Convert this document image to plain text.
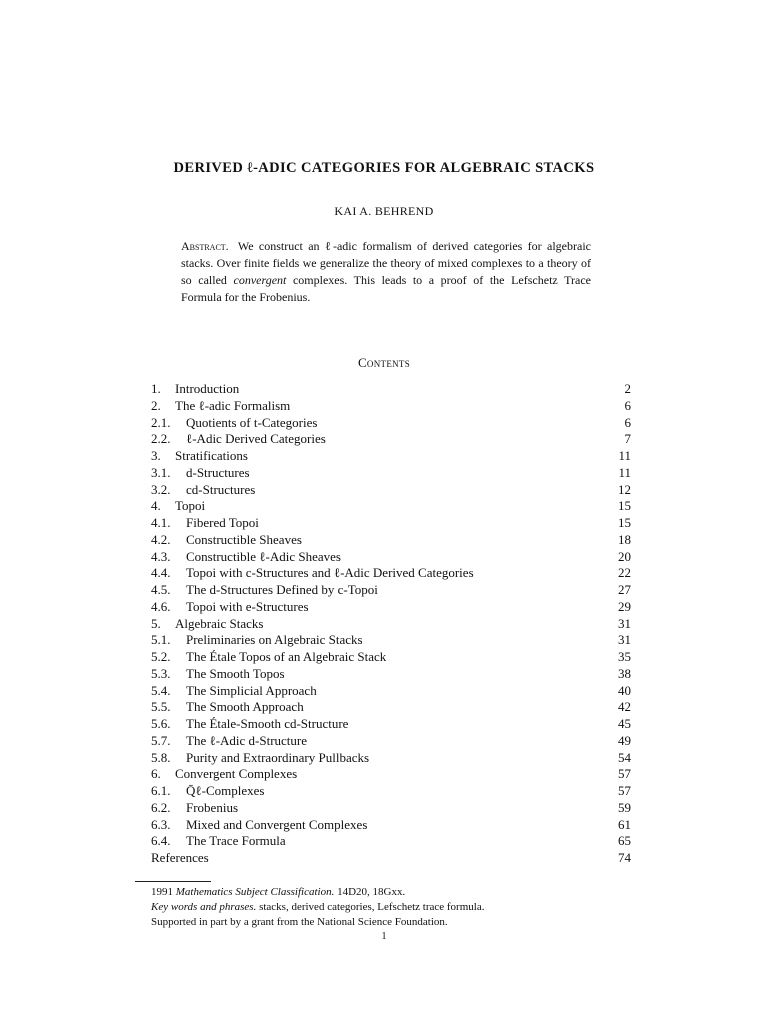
DERIVED ℓ-ADIC CATEGORIES FOR ALGEBRAIC STACKS
KAI A. BEHREND
Abstract. We construct an ℓ-adic formalism of derived categories for algebraic stacks. Over finite fields we generalize the theory of mixed complexes to a theory of so called convergent complexes. This leads to a proof of the Lefschetz Trace Formula for the Frobenius.
Contents
1. Introduction	2
2. The ℓ-adic Formalism	6
2.1. Quotients of t-Categories	6
2.2. ℓ-Adic Derived Categories	7
3. Stratifications	11
3.1. d-Structures	11
3.2. cd-Structures	12
4. Topoi	15
4.1. Fibered Topoi	15
4.2. Constructible Sheaves	18
4.3. Constructible ℓ-Adic Sheaves	20
4.4. Topoi with c-Structures and ℓ-Adic Derived Categories	22
4.5. The d-Structures Defined by c-Topoi	27
4.6. Topoi with e-Structures	29
5. Algebraic Stacks	31
5.1. Preliminaries on Algebraic Stacks	31
5.2. The Étale Topos of an Algebraic Stack	35
5.3. The Smooth Topos	38
5.4. The Simplicial Approach	40
5.5. The Smooth Approach	42
5.6. The Étale-Smooth cd-Structure	45
5.7. The ℓ-Adic d-Structure	49
5.8. Purity and Extraordinary Pullbacks	54
6. Convergent Complexes	57
6.1. Q̄ℓ-Complexes	57
6.2. Frobenius	59
6.3. Mixed and Convergent Complexes	61
6.4. The Trace Formula	65
References	74
1991 Mathematics Subject Classification. 14D20, 18Gxx.
Key words and phrases. stacks, derived categories, Lefschetz trace formula.
Supported in part by a grant from the National Science Foundation.
1
